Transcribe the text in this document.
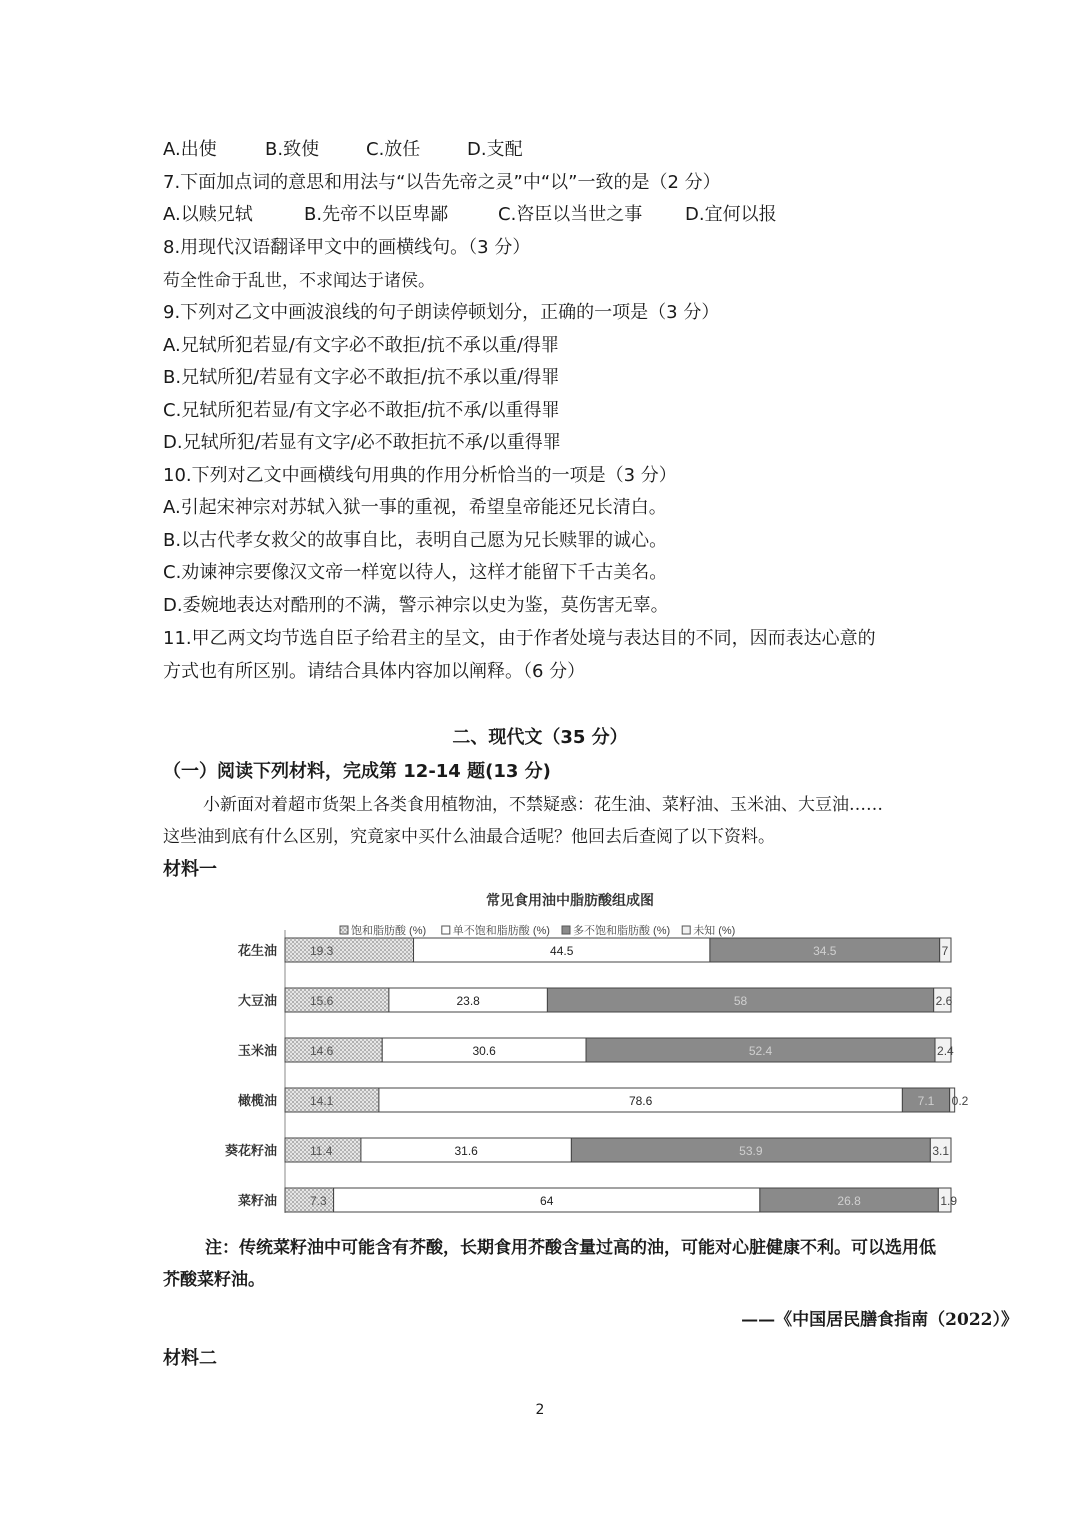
A.出使	B.致使	C.放任	D.支配
7.下面加点词的意思和用法与“以告先帝之灵”中“以”一致的是（2 分）
A.以赎兄轼	B.先帝不以臣卑鄙	C.咨臣以当世之事 D.宜何以报
8.用现代汉语翻译甲文中的画横线句。（3 分）
苟全性命于乱世，不求闻达于诸侯。
9.下列对乙文中画波浪线的句子朗读停顿划分，正确的一项是（3 分）
A.兄轼所犯若显/有文字必不敢拒/抗不承以重/得罪
B.兄轼所犯/若显有文字必不敢拒/抗不承以重/得罪
C.兄轼所犯若显/有文字必不敢拒/抗不承/以重得罪
D.兄轼所犯/若显有文字/必不敢拒抗不承/以重得罪
10.下列对乙文中画横线句用典的作用分析恰当的一项是（3 分）
A.引起宋神宗对苏轼入狱一事的重视，希望皇帝能还兄长清白。
B.以古代孝女救父的故事自比，表明自己愿为兄长赎罪的诚心。
C.劝谏神宗要像汉文帝一样宽以待人，这样才能留下千古美名。
D.委婉地表达对酷刑的不满，警示神宗以史为鉴，莫伤害无辜。
11.甲乙两文均节选自臣子给君主的呈文，由于作者处境与表达目的不同，因而表达心意的
方式也有所区别。请结合具体内容加以阐释。（6 分）
二、现代文（35 分）
（一）阅读下列材料，完成第 12-14 题(13 分)
小新面对着超市货架上各类食用植物油，不禁疑惑：花生油、菜籽油、玉米油、大豆油……
这些油到底有什么区别，究竟家中买什么油最合适呢？他回去后查阅了以下资料。
材料一
常见食用油中脂肪酸组成图
饱和脂肪酸 (%) 单不饱和脂肪酸 (%) 多不饱和脂肪酸 (%) 未知 (%)
花生油	19.3	44.5	34.5	7
大豆油	15.6	23.8	58	2.6
玉米油	14.6	30.6	52.4	2.4
橄榄油	14.1	78.6	7.1 0.2
葵花籽油	11.4	31.6	53.9	3.1
菜籽油	7.3	64	26.8	1.9
注：传统菜籽油中可能含有芥酸，长期食用芥酸含量过高的油，可能对心脏健康不利。可以选用低
芥酸菜籽油。
——《中国居民膳食指南（2022）》
材料二
2
